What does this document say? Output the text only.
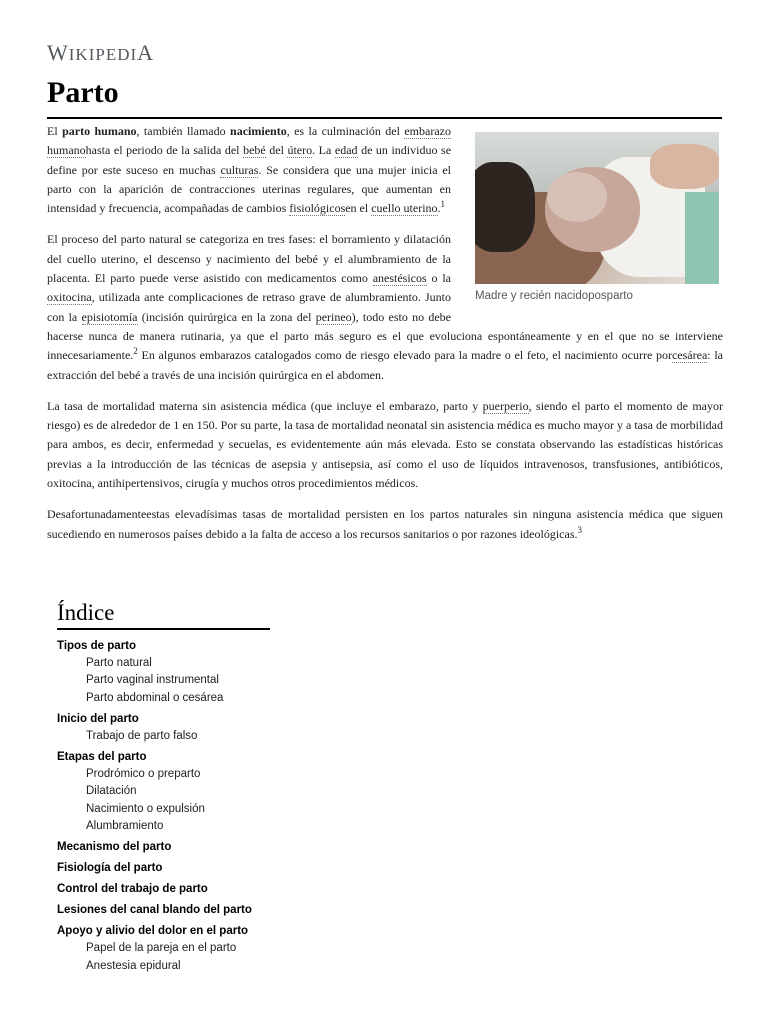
WIKIPEDIA
Parto
Madre y recién nacidoposparto

El parto humano, también llamado nacimiento, es la culminación del embarazo humanohasta el periodo de la salida del bebé del útero. La edad de un individuo se define por este suceso en muchas culturas. Se considera que una mujer inicia el parto con la aparición de contracciones uterinas regulares, que aumentan en intensidad y frecuencia, acompañadas de cambios fisiológicosen el cuello uterino.$^1$

El proceso del parto natural se categoriza en tres fases: el borramiento y dilatación del cuello uterino, el descenso y nacimiento del bebé y el alumbramiento de la placenta. El parto puede verse asistido con medicamentos como anestésicos o la oxitocina, utilizada ante complicaciones de retraso grave de alumbramiento. Junto con la episiotomía (incisión quirúrgica en la zona del perineo), todo esto no debe hacerse nunca de manera rutinaria, ya que el parto más seguro es el que evoluciona espontáneamente y en el que no se interviene innecesariamente.$^2$ En algunos embarazos catalogados como de riesgo elevado para la madre o el feto, el nacimiento ocurre porcesárea: la extracción del bebé a través de una incisión quirúrgica en el abdomen.

La tasa de mortalidad materna sin asistencia médica (que incluye el embarazo, parto y puerperio, siendo el parto el momento de mayor riesgo) es de alrededor de 1 en 150. Por su parte, la tasa de mortalidad neonatal sin asistencia médica es mucho mayor y a tasa de morbilidad para ambos, es decir, enfermedad y secuelas, es evidentemente aún más elevada. Esto se constata observando las estadísticas históricas previas a la introducción de las técnicas de asepsia y antisepsia, así como el uso de líquidos intravenosos, transfusiones, antibióticos, oxitocina, antihipertensivos, cirugía y muchos otros procedimientos médicos.

Desafortunadamenteestas elevadísimas tasas de mortalidad persisten en los partos naturales sin ninguna asistencia médica que siguen sucediendo en numerosos países debido a la falta de acceso a los recursos sanitarios o por razones ideológicas.$^3$

Índice
Tipos de parto
Parto natural
Parto vaginal instrumental
Parto abdominal o cesárea
Inicio del parto
Trabajo de parto falso
Etapas del parto
Prodrómico o preparto
Dilatación
Nacimiento o expulsión
Alumbramiento
Mecanismo del parto
Fisiología del parto
Control del trabajo de parto
Lesiones del canal blando del parto
Apoyo y alivio del dolor en el parto
Papel de la pareja en el parto
Anestesia epidural
